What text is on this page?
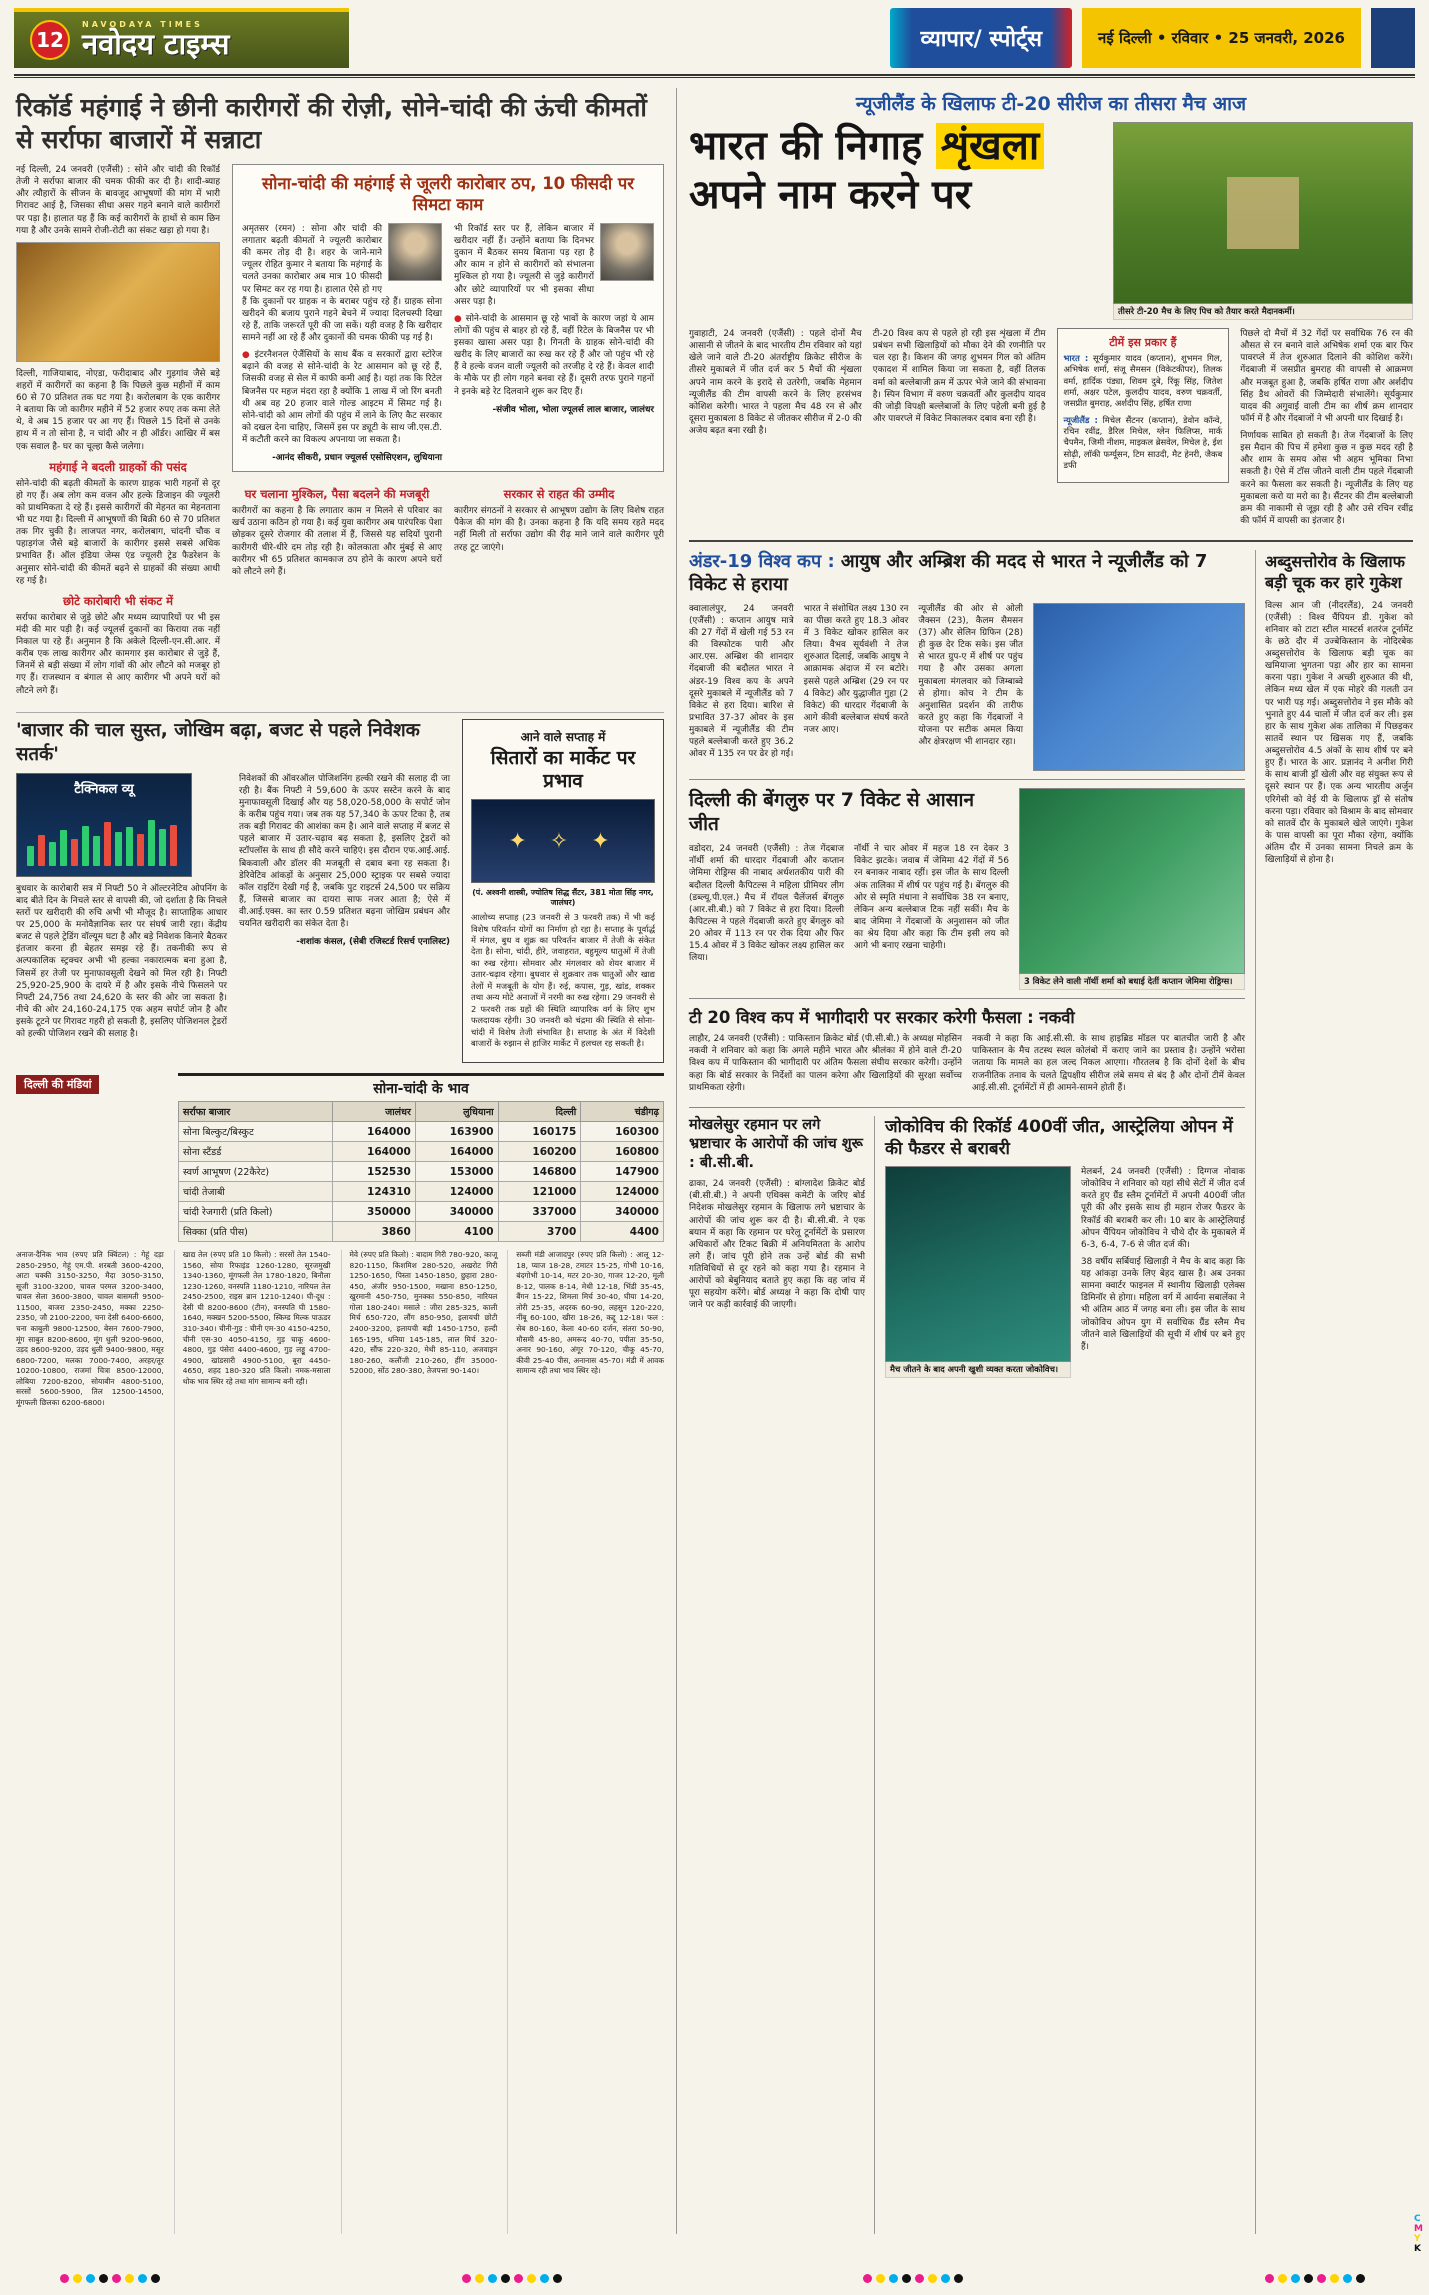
12
NAVODAYA TIMES
नवोदय टाइम्स	व्यापार/ स्पोर्ट्स	नई दिल्ली • रविवार • 25 जनवरी, 2026
रिकॉर्ड महंगाई ने छीनी कारीगरों की रोज़ी, सोने-चांदी की ऊंची कीमतों से सर्राफा बाजारों में सन्नाटा

नई दिल्ली, 24 जनवरी (एजैंसी) : सोने और चांदी की रिकॉर्ड तेजी ने सर्राफा बाजार की चमक फीकी कर दी है। शादी-ब्याह और त्यौहारों के सीजन के बावजूद आभूषणों की मांग में भारी गिरावट आई है, जिसका सीधा असर गहने बनाने वाले कारीगरों पर पड़ा है। हालात यह हैं कि कई कारीगरों के हाथों से काम छिन गया है और उनके सामने रोजी-रोटी का संकट खड़ा हो गया है।

दिल्ली, गाजियाबाद, नोएडा, फरीदाबाद और गुड़गांव जैसे बड़े शहरों में कारीगरों का कहना है कि पिछले कुछ महीनों में काम 60 से 70 प्रतिशत तक घट गया है। करोलबाग के एक कारीगर ने बताया कि जो कारीगर महीने में 52 हजार रुपए तक कमा लेते थे, वे अब 15 हजार पर आ गए हैं। पिछले 15 दिनों से उनके हाथ में न तो सोना है, न चांदी और न ही ऑर्डर। आखिर में बस एक सवाल है- घर का चूल्हा कैसे जलेगा।

महंगाई ने बदली ग्राहकों की पसंद

सोने-चांदी की बढ़ती कीमतों के कारण ग्राहक भारी गहनों से दूर हो गए हैं। अब लोग कम वजन और हल्के डिजाइन की ज्यूलरी को प्राथमिकता दे रहे हैं। इससे कारीगरों की मेहनत का मेहनताना भी घट गया है। दिल्ली में आभूषणों की बिक्री 60 से 70 प्रतिशत तक गिर चुकी है। लाजपत नगर, करोलबाग, चांदनी चौक व पहाड़गंज जैसे बड़े बाजारों के कारीगर इससे सबसे अधिक प्रभावित हैं। ऑल इंडिया जेम्स एंड ज्यूलरी ट्रेड फैडरेशन के अनुसार सोने-चांदी की कीमतें बढ़ने से ग्राहकों की संख्या आधी रह गई है।

छोटे कारोबारी भी संकट में

सर्राफा कारोबार से जुड़े छोटे और मध्यम व्यापारियों पर भी इस मंदी की मार पड़ी है। कई ज्यूलर्स दुकानों का किराया तक नहीं निकाल पा रहे हैं। अनुमान है कि अकेले दिल्ली-एन.सी.आर. में करीब एक लाख कारीगर और कामगार इस कारोबार से जुड़े हैं, जिनमें से बड़ी संख्या में लोग गांवों की ओर लौटने को मजबूर हो गए हैं। राजस्थान व बंगाल से आए कारीगर भी अपने घरों को लौटने लगे हैं।

सोना-चांदी की महंगाई से जूलरी कारोबार ठप, 10 फीसदी पर सिमटा काम

अमृतसर (रमन) : सोना और चांदी की लगातार बढ़ती कीमतों ने ज्यूलरी कारोबार की कमर तोड़ दी है। शहर के जाने-माने ज्यूलर रोहित कुमार ने बताया कि महंगाई के चलते उनका कारोबार अब मात्र 10 फीसदी पर सिमट कर रह गया है। हालात ऐसे हो गए हैं कि दुकानों पर ग्राहक न के बराबर पहुंच रहे हैं। ग्राहक सोना खरीदने की बजाय पुराने गहने बेचने में ज्यादा दिलचस्पी दिखा रहे हैं, ताकि जरूरतें पूरी की जा सकें। यही वजह है कि खरीदार सामने नहीं आ रहे हैं और दुकानों की चमक फीकी पड़ गई है।

● इंटरनैशनल ऐजैंसियों के साथ बैंक व सरकारों द्वारा स्टोरेज बढ़ाने की वजह से सोने-चांदी के रेट आसमान को छू रहे हैं, जिसकी वजह से सेल में काफी कमी आई है। यहां तक कि रिटेल बिजनैस पर महज मंदरा रहा है क्योंकि 1 लाख में जो रिंग बनती थी अब वह 20 हजार वाले गोल्ड आइटम में सिमट गई है। सोने-चांदी को आम लोगों की पहुंच में लाने के लिए कैट सरकार को दखल देना चाहिए, जिसमें इस पर ड्यूटी के साथ जी.एस.टी. में कटौती करने का विकल्प अपनाया जा सकता है।

-आनंद सीकरी, प्रधान ज्यूलर्स एसोसिएशन, लुधियाना

भी रिकॉर्ड स्तर पर हैं, लेकिन बाजार में खरीदार नहीं हैं। उन्होंने बताया कि दिनभर दुकान में बैठकर समय बिताना पड़ रहा है और काम न होने से कारीगरों को संभालना मुश्किल हो गया है। ज्यूलरी से जुड़े कारीगरों और छोटे व्यापारियों पर भी इसका सीधा असर पड़ा है।

● सोने-चांदी के आसमान छू रहे भावों के कारण जहां ये आम लोगों की पहुंच से बाहर हो रहे हैं, वहीं रिटेल के बिजनैस पर भी इसका खासा असर पड़ा है। गिनती के ग्राहक सोने-चांदी की खरीद के लिए बाजारों का रुख कर रहे हैं और जो पहुंच भी रहे हैं वे हल्के वजन वाली ज्यूलरी को तरजीह दे रहे हैं। केवल शादी के मौके पर ही लोग गहने बनवा रहे हैं। दूसरी तरफ पुराने गहनों ने इनके बड़े रेट दिलवाने शुरू कर दिए हैं।

-संजीव भोला, भोला ज्यूलर्स लाल बाजार, जालंधर
घर चलाना मुश्किल, पैसा बदलने की मजबूरी

कारीगरों का कहना है कि लगातार काम न मिलने से परिवार का खर्च उठाना कठिन हो गया है। कई युवा कारीगर अब पारंपरिक पेशा छोड़कर दूसरे रोजगार की तलाश में हैं, जिससे यह सदियों पुरानी कारीगरी धीरे-धीरे दम तोड़ रही है। कोलकाता और मुंबई से आए कारीगर भी 65 प्रतिशत कामकाज ठप होने के कारण अपने घरों को लौटने लगे हैं।

सरकार से राहत की उम्मीद

कारीगर संगठनों ने सरकार से आभूषण उद्योग के लिए विशेष राहत पैकेज की मांग की है। उनका कहना है कि यदि समय रहते मदद नहीं मिली तो सर्राफा उद्योग की रीढ़ माने जाने वाले कारीगर पूरी तरह टूट जाएंगे।

'बाजार की चाल सुस्त, जोखिम बढ़ा, बजट से पहले निवेशक सतर्क'
टैक्निकल व्यू

बुधवार के कारोबारी सत्र में निफ्टी 50 ने ऑल्टरनेटिव ओपनिंग के बाद बीते दिन के निचले स्तर से वापसी की, जो दर्शाता है कि निचले स्तरों पर खरीदारी की रुचि अभी भी मौजूद है। साप्ताहिक आधार पर 25,000 के मनोवैज्ञानिक स्तर पर संघर्ष जारी रहा। केंद्रीय बजट से पहले ट्रेडिंग वॉल्यूम घटा है और बड़े निवेशक किनारे बैठकर इंतजार करना ही बेहतर समझ रहे हैं। तकनीकी रूप से अल्पकालिक स्ट्रक्चर अभी भी हल्का नकारात्मक बना हुआ है, जिसमें हर तेजी पर मुनाफावसूली देखने को मिल रही है। निफ्टी 25,920-25,900 के दायरे में है और इसके नीचे फिसलने पर निफ्टी 24,756 तथा 24,620 के स्तर की ओर जा सकता है। नीचे की ओर 24,160-24,175 एक अहम सपोर्ट जोन है और इसके टूटने पर गिरावट गहरी हो सकती है, इसलिए पोजिशनल ट्रेडरों को हल्की पोजिशन रखने की सलाह है।

निवेशकों की ऑवरऑल पोजिशनिंग हल्की रखने की सलाह दी जा रही है। बैंक निफ्टी ने 59,600 के ऊपर सस्टेन करने के बाद मुनाफावसूली दिखाई और यह 58,020-58,000 के सपोर्ट जोन के करीब पहुंच गया। जब तक यह 57,340 के ऊपर टिका है, तब तक बड़ी गिरावट की आशंका कम है। आने वाले सप्ताह में बजट से पहले बाजार में उतार-चढ़ाव बढ़ सकता है, इसलिए ट्रेडरों को स्टॉपलॉस के साथ ही सौदे करने चाहिएं। इस दौरान एफ.आई.आई. बिकवाली और डॉलर की मजबूती से दबाव बना रह सकता है। डेरिवेटिव आंकड़ों के अनुसार 25,000 स्ट्राइक पर सबसे ज्यादा कॉल राइटिंग देखी गई है, जबकि पुट राइटर्स 24,500 पर सक्रिय हैं, जिससे बाजार का दायरा साफ नजर आता है; ऐसे में वी.आई.एक्स. का स्तर 0.59 प्रतिशत बढ़ना जोखिम प्रबंधन और चयनित खरीदारी का संकेत देता है।

-शशांक कंसल, (सेबी रजिस्टर्ड रिसर्च एनालिस्ट)
आने वाले सप्ताह में
सितारों का मार्केट पर प्रभाव
✦ ✧ ✦
(पं. अश्वनी शास्त्री, ज्योतिष सिद्ध सैंटर, 381 मोता सिंह नगर, जालंधर)

आलोच्य सप्ताह (23 जनवरी से 3 फरवरी तक) में भी कई विशेष परिवर्तन योगों का निर्माण हो रहा है। सप्ताह के पूर्वार्द्ध में मंगल, बुध व शुक्र का परिवर्तन बाजार में तेजी के संकेत देता है। सोना, चांदी, हीरे, जवाहरात, बहुमूल्य धातुओं में तेजी का रुख रहेगा। सोमवार और मंगलवार को शेयर बाजार में उतार-चढ़ाव रहेगा। बुधवार से शुक्रवार तक धातुओं और खाद्य तेलों में मजबूती के योग हैं। रुई, कपास, गुड़, खांड, शक्कर तथा अन्य मोटे अनाजों में नरमी का रुख रहेगा। 29 जनवरी से 2 फरवरी तक ग्रहों की स्थिति व्यापारिक वर्ग के लिए शुभ फलदायक रहेगी। 30 जनवरी को चंद्रमा की स्थिति से सोना-चांदी में विशेष तेजी संभावित है। सप्ताह के अंत में विदेशी बाजारों के रुझान से हाजिर मार्केट में हलचल रह सकती है।

दिल्ली की मंडियां	सोना-चांदी के भाव
सर्राफा बाजार	जालंधर	लुधियाना	दिल्ली	चंडीगढ़
सोना बिल्कुट/बिस्कुट	164000	163900	160175	160300
सोना स्टैंडर्ड	164000	164000	160200	160800
स्वर्ण आभूषण (22कैरेट)	152530	153000	146800	147900
चांदी तेजाबी	124310	124000	121000	124000
चांदी रेजगारी (प्रति किलो)	350000	340000	337000	340000
सिक्का (प्रति पीस)	3860	4100	3700	4400
अनाज-दैनिक भाव (रुपए प्रति क्विंटल) : गेहूं दड़ा 2850-2950, गेहूं एम.पी. शरबती 3600-4200, आटा चक्की 3150-3250, मैदा 3050-3150, सूजी 3100-3200, चावल परमल 3200-3400, चावल सेला 3600-3800, चावल बासमती 9500-11500, बाजरा 2350-2450, मक्का 2250-2350, जौ 2100-2200, चना देसी 6400-6600, चना काबुली 9800-12500, बेसन 7600-7900, मूंग साबुत 8200-8600, मूंग धुली 9200-9600, उड़द 8600-9200, उड़द धुली 9400-9800, मसूर 6800-7200, मलका 7000-7400, अरहर/तूर 10200-10800, राजमां चित्रा 8500-12000, लोबिया 7200-8200, सोयाबीन 4800-5100, सरसों 5600-5900, तिल 12500-14500, मूंगफली छिलका 6200-6800।
खाद्य तेल (रुपए प्रति 10 किलो) : सरसों तेल 1540-1560, सोया रिफाइंड 1260-1280, सूरजमुखी 1340-1360, मूंगफली तेल 1780-1820, बिनौला 1230-1260, वनस्पति 1180-1210, नारियल तेल 2450-2500, राइस ब्रान 1210-1240। घी-दूध : देसी घी 8200-8600 (टीन), वनस्पति घी 1580-1640, मक्खन 5200-5500, स्किम्ड मिल्क पाऊडर 310-340। चीनी-गुड़ : चीनी एम-30 4150-4250, चीनी एस-30 4050-4150, गुड़ चाकू 4600-4800, गुड़ पंसेरा 4400-4600, गुड़ लड्डू 4700-4900, खांडसारी 4900-5100, बूरा 4450-4650, शहद 180-320 प्रति किलो। नमक-मसाला थोक भाव स्थिर रहे तथा मांग सामान्य बनी रही।
मेवे (रुपए प्रति किलो) : बादाम गिरी 780-920, काजू 820-1150, किशमिश 280-520, अखरोट गिरी 1250-1650, पिस्ता 1450-1850, छुहारा 280-450, अंजीर 950-1500, मखाना 850-1250, खुरमानी 450-750, मुनक्का 550-850, नारियल गोला 180-240। मसाले : जीरा 285-325, काली मिर्च 650-720, लौंग 850-950, इलायची छोटी 2400-3200, इलायची बड़ी 1450-1750, हल्दी 165-195, धनिया 145-185, लाल मिर्च 320-420, सौंफ 220-320, मेथी 85-110, अजवाइन 180-260, कलौंजी 210-260, हींग 35000-52000, सोंठ 280-380, तेजपत्ता 90-140।
सब्जी मंडी आजादपुर (रुपए प्रति किलो) : आलू 12-18, प्याज 18-28, टमाटर 15-25, गोभी 10-16, बंदगोभी 10-14, मटर 20-30, गाजर 12-20, मूली 8-12, पालक 8-14, मेथी 12-18, भिंडी 35-45, बैंगन 15-22, शिमला मिर्च 30-40, घीया 14-20, तोरी 25-35, अदरक 60-90, लहसुन 120-220, नींबू 60-100, खीरा 18-26, कद्दू 12-18। फल : सेब 80-160, केला 40-60 दर्जन, संतरा 50-90, मौसमी 45-80, अमरूद 40-70, पपीता 35-50, अनार 90-160, अंगूर 70-120, चीकू 45-70, कीवी 25-40 पीस, अनानास 45-70। मंडी में आवक सामान्य रही तथा भाव स्थिर रहे।
न्यूजीलैंड के खिलाफ टी-20 सीरीज का तीसरा मैच आज
भारत की निगाह शृंखला अपने नाम करने पर
तीसरे टी-20 मैच के लिए पिच को तैयार करते मैदानकर्मी।

गुवाहाटी, 24 जनवरी (एजैंसी) : पहले दोनों मैच आसानी से जीतने के बाद भारतीय टीम रविवार को यहां खेले जाने वाले टी-20 अंतर्राष्ट्रीय क्रिकेट सीरीज के तीसरे मुकाबले में जीत दर्ज कर 5 मैचों की शृंखला अपने नाम करने के इरादे से उतरेगी, जबकि मेहमान न्यूजीलैंड की टीम वापसी करने के लिए हरसंभव कोशिश करेगी। भारत ने पहला मैच 48 रन से और दूसरा मुकाबला 8 विकेट से जीतकर सीरीज में 2-0 की अजेय बढ़त बना रखी है।

टी-20 विश्व कप से पहले हो रही इस शृंखला में टीम प्रबंधन सभी खिलाड़ियों को मौका देने की रणनीति पर चल रहा है। किशन की जगह शुभमन गिल को अंतिम एकादश में शामिल किया जा सकता है, वहीं तिलक वर्मा को बल्लेबाजी क्रम में ऊपर भेजे जाने की संभावना है। स्पिन विभाग में वरुण चक्रवर्ती और कुलदीप यादव की जोड़ी विपक्षी बल्लेबाजों के लिए पहेली बनी हुई है और पावरप्ले में विकेट निकालकर दबाव बना रही है।

टीमें इस प्रकार हैं

भारत : सूर्यकुमार यादव (कप्तान), शुभमन गिल, अभिषेक शर्मा, संजू सैमसन (विकेटकीपर), तिलक वर्मा, हार्दिक पंड्या, शिवम दुबे, रिंकू सिंह, जितेश शर्मा, अक्षर पटेल, कुलदीप यादव, वरुण चक्रवर्ती, जसप्रीत बुमराह, अर्शदीप सिंह, हर्षित राणा

न्यूजीलैंड : मिचेल सैंटनर (कप्तान), डेवोन कॉन्वे, रचिन रवींद्र, डैरिल मिचेल, ग्लेन फिलिप्स, मार्क चैपमैन, जिमी नीशम, माइकल ब्रेसवेल, मिचेल हे, ईश सोढ़ी, लॉकी फर्ग्यूसन, टिम साउदी, मैट हेनरी, जैकब डफी

पिछले दो मैचों में 32 गेंदों पर सर्वाधिक 76 रन की औसत से रन बनाने वाले अभिषेक शर्मा एक बार फिर पावरप्ले में तेज शुरुआत दिलाने की कोशिश करेंगे। गेंदबाजी में जसप्रीत बुमराह की वापसी से आक्रमण और मजबूत हुआ है, जबकि हर्षित राणा और अर्शदीप सिंह डैथ ओवरों की जिम्मेदारी संभालेंगे। सूर्यकुमार यादव की अगुवाई वाली टीम का शीर्ष क्रम शानदार फॉर्म में है और गेंदबाजों ने भी अपनी धार दिखाई है।

निर्णायक साबित हो सकती है। तेज गेंदबाजों के लिए इस मैदान की पिच में हमेशा कुछ न कुछ मदद रही है और शाम के समय ओस भी अहम भूमिका निभा सकती है। ऐसे में टॉस जीतने वाली टीम पहले गेंदबाजी करने का फैसला कर सकती है। न्यूजीलैंड के लिए यह मुकाबला करो या मरो का है। सैंटनर की टीम बल्लेबाजी क्रम की नाकामी से जूझ रही है और उसे रचिन रवींद्र की फॉर्म में वापसी का इंतजार है।

अंडर-19 विश्व कप : आयुष और अम्ब्रिश की मदद से भारत ने न्यूजीलैंड को 7 विकेट से हराया

क्वालालंपुर, 24 जनवरी (एजैंसी) : कप्तान आयुष मात्रे की 27 गेंदों में खेली गई 53 रन की विस्फोटक पारी और आर.एस. अम्ब्रिश की शानदार गेंदबाजी की बदौलत भारत ने अंडर-19 विश्व कप के अपने दूसरे मुकाबले में न्यूजीलैंड को 7 विकेट से हरा दिया। बारिश से प्रभावित 37-37 ओवर के इस मुकाबले में न्यूजीलैंड की टीम पहले बल्लेबाजी करते हुए 36.2 ओवर में 135 रन पर ढेर हो गई।

भारत ने संशोधित लक्ष्य 130 रन का पीछा करते हुए 18.3 ओवर में 3 विकेट खोकर हासिल कर लिया। वैभव सूर्यवंशी ने तेज शुरुआत दिलाई, जबकि आयुष ने आक्रामक अंदाज में रन बटोरे। इससे पहले अम्ब्रिश (29 रन पर 4 विकेट) और युद्धाजीत गुहा (2 विकेट) की धारदार गेंदबाजी के आगे कीवी बल्लेबाज संघर्ष करते नजर आए।

न्यूजीलैंड की ओर से ओली जैक्सन (23), कैलम सैमसन (37) और सेलिन ग्रिफिन (28) ही कुछ देर टिक सके। इस जीत से भारत ग्रुप-ए में शीर्ष पर पहुंच गया है और उसका अगला मुकाबला मंगलवार को जिम्बाब्वे से होगा। कोच ने टीम के अनुशासित प्रदर्शन की तारीफ करते हुए कहा कि गेंदबाजों ने योजना पर सटीक अमल किया और क्षेत्ररक्षण भी शानदार रहा।

दिल्ली की बेंगलुरु पर 7 विकेट से आसान जीत

वडोदरा, 24 जनवरी (एजैंसी) : तेज गेंदबाज नॉर्थी शर्मा की धारदार गेंदबाजी और कप्तान जेमिमा रोड्रिग्स की नाबाद अर्धशतकीय पारी की बदौलत दिल्ली कैपिटल्स ने महिला प्रीमियर लीग (डब्ल्यू.पी.एल.) मैच में रॉयल चैलेंजर्स बेंगलुरु (आर.सी.बी.) को 7 विकेट से हरा दिया। दिल्ली कैपिटल्स ने पहले गेंदबाजी करते हुए बेंगलुरु को 20 ओवर में 113 रन पर रोक दिया और फिर 15.4 ओवर में 3 विकेट खोकर लक्ष्य हासिल कर लिया।

नॉर्थी ने चार ओवर में महज 18 रन देकर 3 विकेट झटके। जवाब में जेमिमा 42 गेंदों में 56 रन बनाकर नाबाद रहीं। इस जीत के साथ दिल्ली अंक तालिका में शीर्ष पर पहुंच गई है। बेंगलुरु की ओर से स्मृति मंधाना ने सर्वाधिक 38 रन बनाए, लेकिन अन्य बल्लेबाज टिक नहीं सकीं। मैच के बाद जेमिमा ने गेंदबाजों के अनुशासन को जीत का श्रेय दिया और कहा कि टीम इसी लय को आगे भी बनाए रखना चाहेगी।

3 विकेट लेने वाली नॉर्थी शर्मा को बधाई देतीं कप्तान जेमिमा रोड्रिग्स।
टी 20 विश्व कप में भागीदारी पर सरकार करेगी फैसला : नकवी

लाहौर, 24 जनवरी (एजैंसी) : पाकिस्तान क्रिकेट बोर्ड (पी.सी.बी.) के अध्यक्ष मोहसिन नकवी ने शनिवार को कहा कि अगले महीने भारत और श्रीलंका में होने वाले टी-20 विश्व कप में पाकिस्तान की भागीदारी पर अंतिम फैसला संघीय सरकार करेगी। उन्होंने कहा कि बोर्ड सरकार के निर्देशों का पालन करेगा और खिलाड़ियों की सुरक्षा सर्वोच्च प्राथमिकता रहेगी।

नकवी ने कहा कि आई.सी.सी. के साथ हाइब्रिड मॉडल पर बातचीत जारी है और पाकिस्तान के मैच तटस्थ स्थल कोलंबो में कराए जाने का प्रस्ताव है। उन्होंने भरोसा जताया कि मामले का हल जल्द निकल आएगा। गौरतलब है कि दोनों देशों के बीच राजनीतिक तनाव के चलते द्विपक्षीय सीरीज लंबे समय से बंद है और दोनों टीमें केवल आई.सी.सी. टूर्नामेंटों में ही आमने-सामने होती हैं।

मोखलेसुर रहमान पर लगे भ्रष्टाचार के आरोपों की जांच शुरू : बी.सी.बी.

ढाका, 24 जनवरी (एजैंसी) : बांग्लादेश क्रिकेट बोर्ड (बी.सी.बी.) ने अपनी एथिक्स कमेटी के जरिए बोर्ड निदेशक मोखलेसुर रहमान के खिलाफ लगे भ्रष्टाचार के आरोपों की जांच शुरू कर दी है। बी.सी.बी. ने एक बयान में कहा कि रहमान पर घरेलू टूर्नामेंटों के प्रसारण अधिकारों और टिकट बिक्री में अनियमितता के आरोप लगे हैं। जांच पूरी होने तक उन्हें बोर्ड की सभी गतिविधियों से दूर रहने को कहा गया है। रहमान ने आरोपों को बेबुनियाद बताते हुए कहा कि वह जांच में पूरा सहयोग करेंगे। बोर्ड अध्यक्ष ने कहा कि दोषी पाए जाने पर कड़ी कार्रवाई की जाएगी।

जोकोविच की रिकॉर्ड 400वीं जीत, आस्ट्रेलिया ओपन में की फैडरर से बराबरी
मैच जीतने के बाद अपनी खुशी व्यक्त करता जोकोविच।

मेलबर्न, 24 जनवरी (एजैंसी) : दिग्गज नोवाक जोकोविच ने शनिवार को यहां सीधे सेटों में जीत दर्ज करते हुए ग्रैंड स्लैम टूर्नामेंटों में अपनी 400वीं जीत पूरी की और इसके साथ ही महान रोजर फैडरर के रिकॉर्ड की बराबरी कर ली। 10 बार के आस्ट्रेलियाई ओपन चैंपियन जोकोविच ने चौथे दौर के मुकाबले में 6-3, 6-4, 7-6 से जीत दर्ज की।

38 वर्षीय सर्बियाई खिलाड़ी ने मैच के बाद कहा कि यह आंकड़ा उनके लिए बेहद खास है। अब उनका सामना क्वार्टर फाइनल में स्थानीय खिलाड़ी एलेक्स डिमिनॉर से होगा। महिला वर्ग में आर्यना सबालेंका ने भी अंतिम आठ में जगह बना ली। इस जीत के साथ जोकोविच ओपन युग में सर्वाधिक ग्रैंड स्लैम मैच जीतने वाले खिलाड़ियों की सूची में शीर्ष पर बने हुए हैं।

अब्दुसत्तोरोव के खिलाफ बड़ी चूक कर हारे गुकेश

विल्स आन जी (नीदरलैंड), 24 जनवरी (एजैंसी) : विश्व चैंपियन डी. गुकेश को शनिवार को टाटा स्टील मास्टर्स शतरंज टूर्नामेंट के छठे दौर में उज्बेकिस्तान के नोदिरबेक अब्दुसत्तोरोव के खिलाफ बड़ी चूक का खमियाजा भुगतना पड़ा और हार का सामना करना पड़ा। गुकेश ने अच्छी शुरुआत की थी, लेकिन मध्य खेल में एक मोहरे की गलती उन पर भारी पड़ गई। अब्दुसत्तोरोव ने इस मौके को भुनाते हुए 44 चालों में जीत दर्ज कर ली। इस हार के साथ गुकेश अंक तालिका में पिछड़कर सातवें स्थान पर खिसक गए हैं, जबकि अब्दुसत्तोरोव 4.5 अंकों के साथ शीर्ष पर बने हुए हैं। भारत के आर. प्रज्ञानंद ने अनीश गिरी के साथ बाजी ड्रॉ खेली और वह संयुक्त रूप से दूसरे स्थान पर हैं। एक अन्य भारतीय अर्जुन एरिगेसी को वेई यी के खिलाफ ड्रॉ से संतोष करना पड़ा। रविवार को विश्राम के बाद सोमवार को सातवें दौर के मुकाबले खेले जाएंगे। गुकेश के पास वापसी का पूरा मौका रहेगा, क्योंकि अंतिम दौर में उनका सामना निचले क्रम के खिलाड़ियों से होना है।

C
M
Y
K
